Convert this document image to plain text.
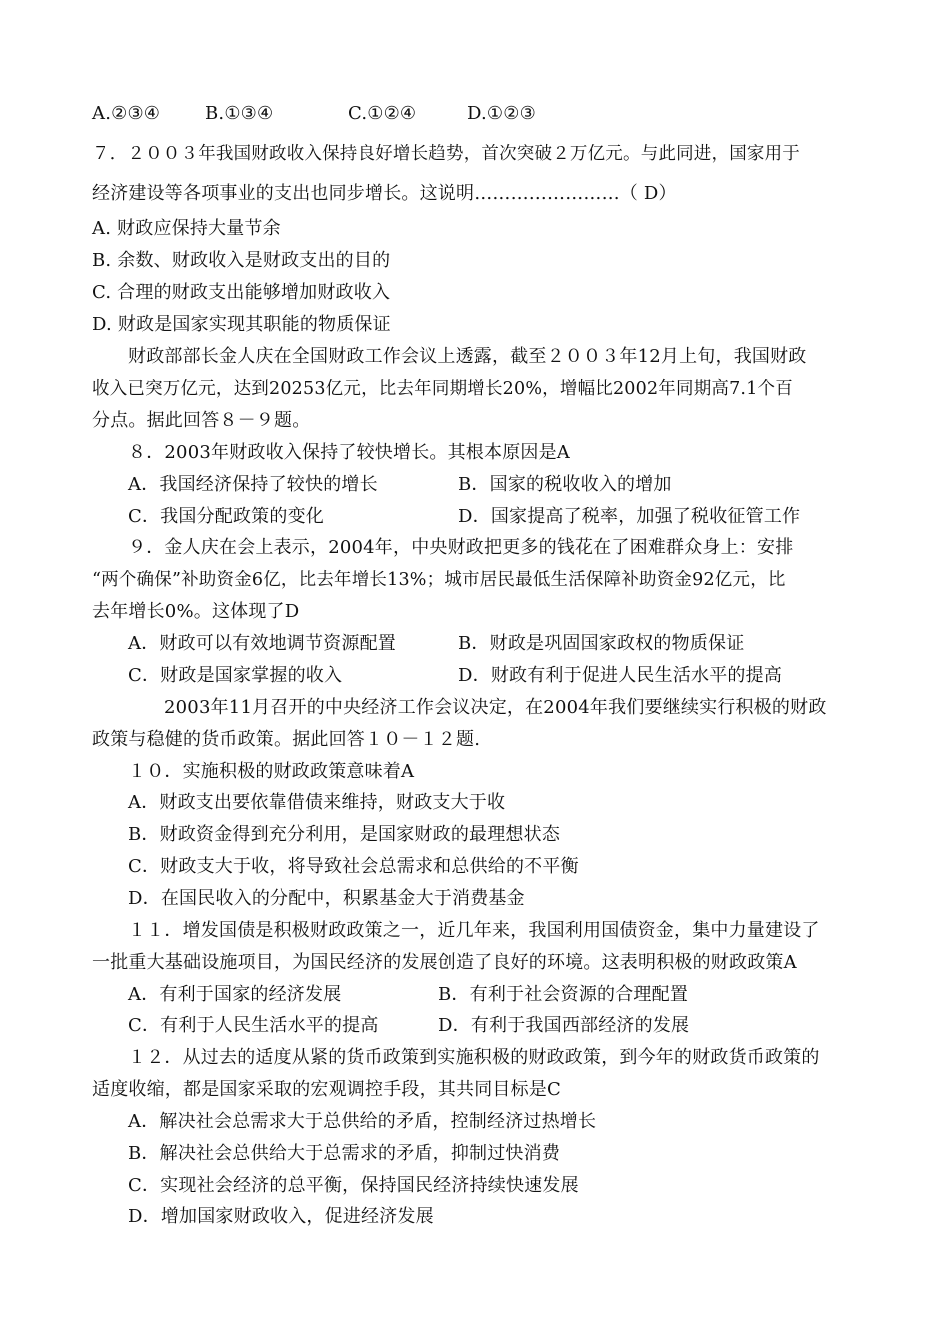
A.②③④ B.①③④	C.①②④	D.①②③
７．２００３年我国财政收入保持良好增长趋势，首次突破２万亿元。与此同进，国家用于
经济建设等各项事业的支出也同步增长。这说明……………………（ D）
A. 财政应保持大量节余
B. 余数、财政收入是财政支出的目的
C. 合理的财政支出能够增加财政收入
D. 财政是国家实现其职能的物质保证
财政部部长金人庆在全国财政工作会议上透露，截至２００３年12月上旬，我国财政
收入已突万亿元，达到20253亿元，比去年同期增长20%，增幅比2002年同期高7.1个百
分点。据此回答８－９题。
８．2003年财政收入保持了较快增长。其根本原因是A
A．我国经济保持了较快的增长	B．国家的税收收入的增加
C．我国分配政策的变化	D．国家提高了税率，加强了税收征管工作
９．金人庆在会上表示，2004年，中央财政把更多的钱花在了困难群众身上：安排
“两个确保”补助资金6亿，比去年增长13%；城市居民最低生活保障补助资金92亿元，比
去年增长0%。这体现了D
A．财政可以有效地调节资源配置	B．财政是巩固国家政权的物质保证
C．财政是国家掌握的收入	D．财政有利于促进人民生活水平的提高
2003年11月召开的中央经济工作会议决定，在2004年我们要继续实行积极的财政
政策与稳健的货币政策。据此回答１０－１２题.
１０．实施积极的财政政策意味着A
A．财政支出要依靠借债来维持，财政支大于收
B．财政资金得到充分利用，是国家财政的最理想状态
C．财政支大于收，将导致社会总需求和总供给的不平衡
D．在国民收入的分配中，积累基金大于消费基金
１１．增发国债是积极财政政策之一，近几年来，我国利用国债资金，集中力量建设了
一批重大基础设施项目，为国民经济的发展创造了良好的环境。这表明积极的财政政策A
A．有利于国家的经济发展	B．有利于社会资源的合理配置
C．有利于人民生活水平的提高	D．有利于我国西部经济的发展
１２．从过去的适度从紧的货币政策到实施积极的财政政策，到今年的财政货币政策的
适度收缩，都是国家采取的宏观调控手段，其共同目标是C
A．解决社会总需求大于总供给的矛盾，控制经济过热增长
B．解决社会总供给大于总需求的矛盾，抑制过快消费
C．实现社会经济的总平衡，保持国民经济持续快速发展
D．增加国家财政收入，促进经济发展
